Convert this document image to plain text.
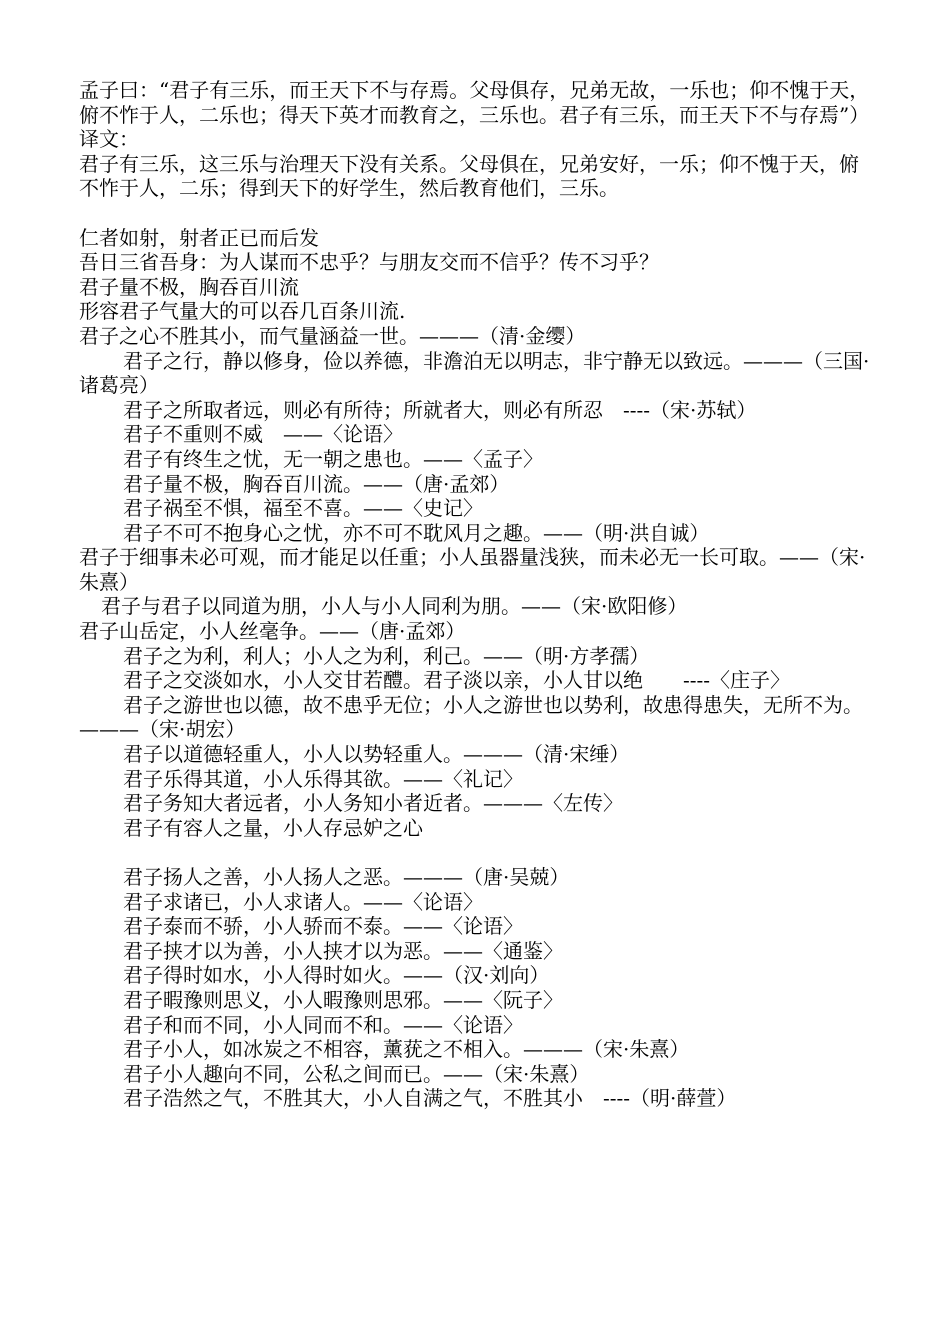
孟子曰：“君子有三乐，而王天下不与存焉。父母俱存，兄弟无故，一乐也；仰不愧于天，俯不怍于人，二乐也；得天下英才而教育之，三乐也。君子有三乐，而王天下不与存焉”）

译文：

君子有三乐，这三乐与治理天下没有关系。父母俱在，兄弟安好，一乐；仰不愧于天，俯不怍于人，二乐；得到天下的好学生，然后教育他们，三乐。

仁者如射，射者正已而后发

吾日三省吾身：为人谋而不忠乎？与朋友交而不信乎？传不习乎？

君子量不极，胸吞百川流

形容君子气量大的可以吞几百条川流.

君子之心不胜其小，而气量涵益一世。———（清·金缨）

君子之行，静以修身，俭以养德，非澹泊无以明志，非宁静无以致远。———（三国·诸葛亮）

君子之所取者远，则必有所待；所就者大，则必有所忍　----（宋·苏轼）

君子不重则不威　——〈论语〉

君子有终生之忧，无一朝之患也。——〈孟子〉

君子量不极，胸吞百川流。——（唐·孟郊）

君子祸至不惧，福至不喜。——〈史记〉

君子不可不抱身心之忧，亦不可不耽风月之趣。——（明·洪自诚）

君子于细事未必可观，而才能足以任重；小人虽器量浅狭，而未必无一长可取。——（宋·朱熹）

君子与君子以同道为朋，小人与小人同利为朋。——（宋·欧阳修）

君子山岳定，小人丝毫争。——（唐·孟郊）

君子之为利，利人；小人之为利，利己。——（明·方孝孺）

君子之交淡如水，小人交甘若醴。君子淡以亲，小人甘以绝　　----〈庄子〉

君子之游世也以德，故不患乎无位；小人之游世也以势利，故患得患失，无所不为。———（宋·胡宏）

君子以道德轻重人，小人以势轻重人。———（清·宋缍）

君子乐得其道，小人乐得其欲。——〈礼记〉

君子务知大者远者，小人务知小者近者。———〈左传〉

君子有容人之量，小人存忌妒之心

君子扬人之善，小人扬人之恶。———（唐·吴兢）

君子求诸已，小人求诸人。——〈论语〉

君子泰而不骄，小人骄而不泰。——〈论语〉

君子挟才以为善，小人挟才以为恶。——〈通鉴〉

君子得时如水，小人得时如火。——（汉·刘向）

君子暇豫则思义，小人暇豫则思邪。——〈阮子〉

君子和而不同，小人同而不和。——〈论语〉

君子小人，如冰炭之不相容，薰莸之不相入。———（宋·朱熹）

君子小人趣向不同，公私之间而已。——（宋·朱熹）

君子浩然之气，不胜其大，小人自满之气，不胜其小　----（明·薛萱）
